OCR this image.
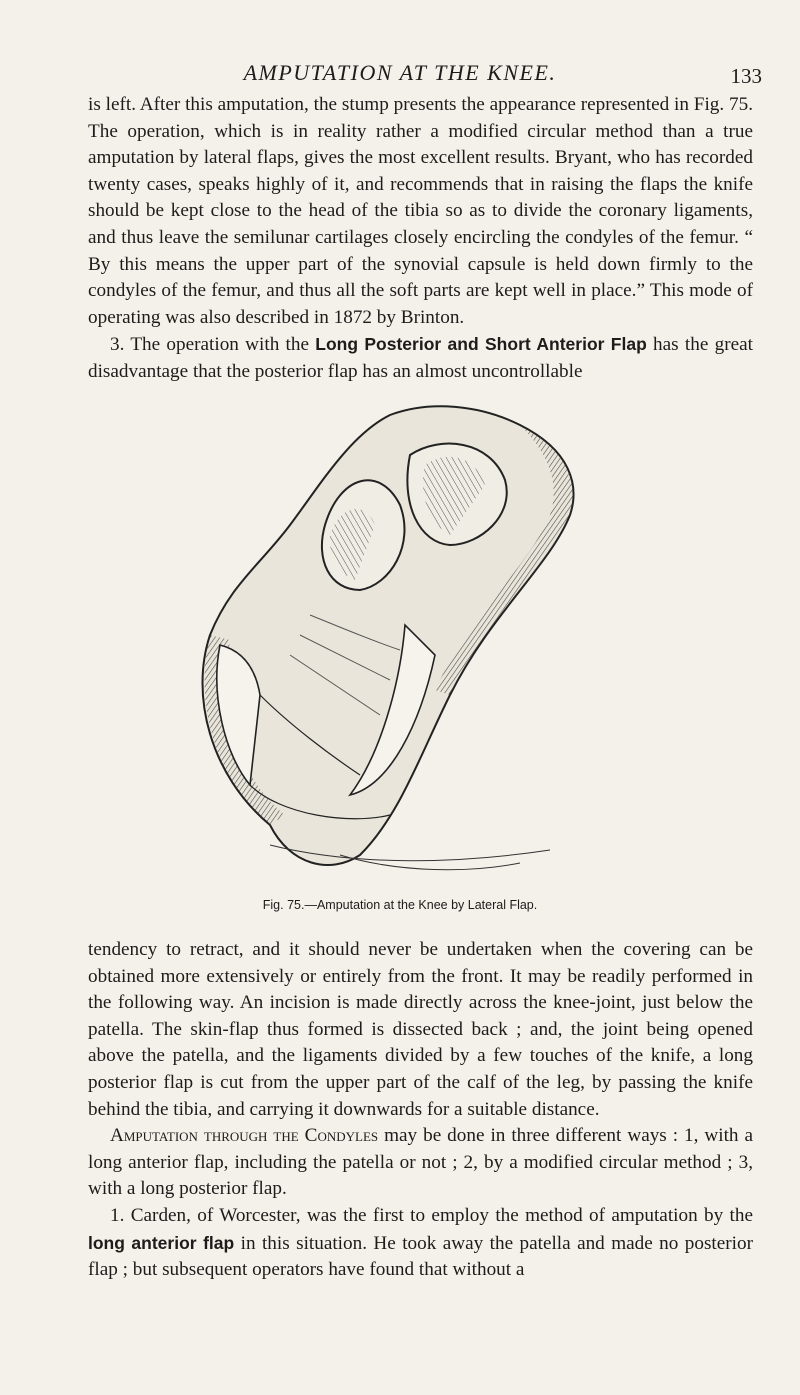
AMPUTATION AT THE KNEE.	133

is left. After this amputation, the stump presents the appearance represented in Fig. 75. The operation, which is in reality rather a modified circular method than a true amputation by lateral flaps, gives the most excellent results. Bryant, who has recorded twenty cases, speaks highly of it, and recommends that in raising the flaps the knife should be kept close to the head of the tibia so as to divide the coronary ligaments, and thus leave the semilunar cartilages closely encircling the condyles of the femur. “ By this means the upper part of the synovial capsule is held down firmly to the condyles of the femur, and thus all the soft parts are kept well in place.” This mode of operating was also described in 1872 by Brinton.

3. The operation with the Long Posterior and Short Anterior Flap has the great disadvantage that the posterior flap has an almost uncontrollable

Fig. 75.—Amputation at the Knee by Lateral Flap.

tendency to retract, and it should never be undertaken when the covering can be obtained more extensively or entirely from the front. It may be readily performed in the following way. An incision is made directly across the knee-joint, just below the patella. The skin-flap thus formed is dissected back ; and, the joint being opened above the patella, and the ligaments divided by a few touches of the knife, a long posterior flap is cut from the upper part of the calf of the leg, by passing the knife behind the tibia, and carrying it downwards for a suitable distance.

Amputation through the Condyles may be done in three different ways : 1, with a long anterior flap, including the patella or not ; 2, by a modified circular method ; 3, with a long posterior flap.

1. Carden, of Worcester, was the first to employ the method of amputation by the long anterior flap in this situation. He took away the patella and made no posterior flap ; but subsequent operators have found that without a
